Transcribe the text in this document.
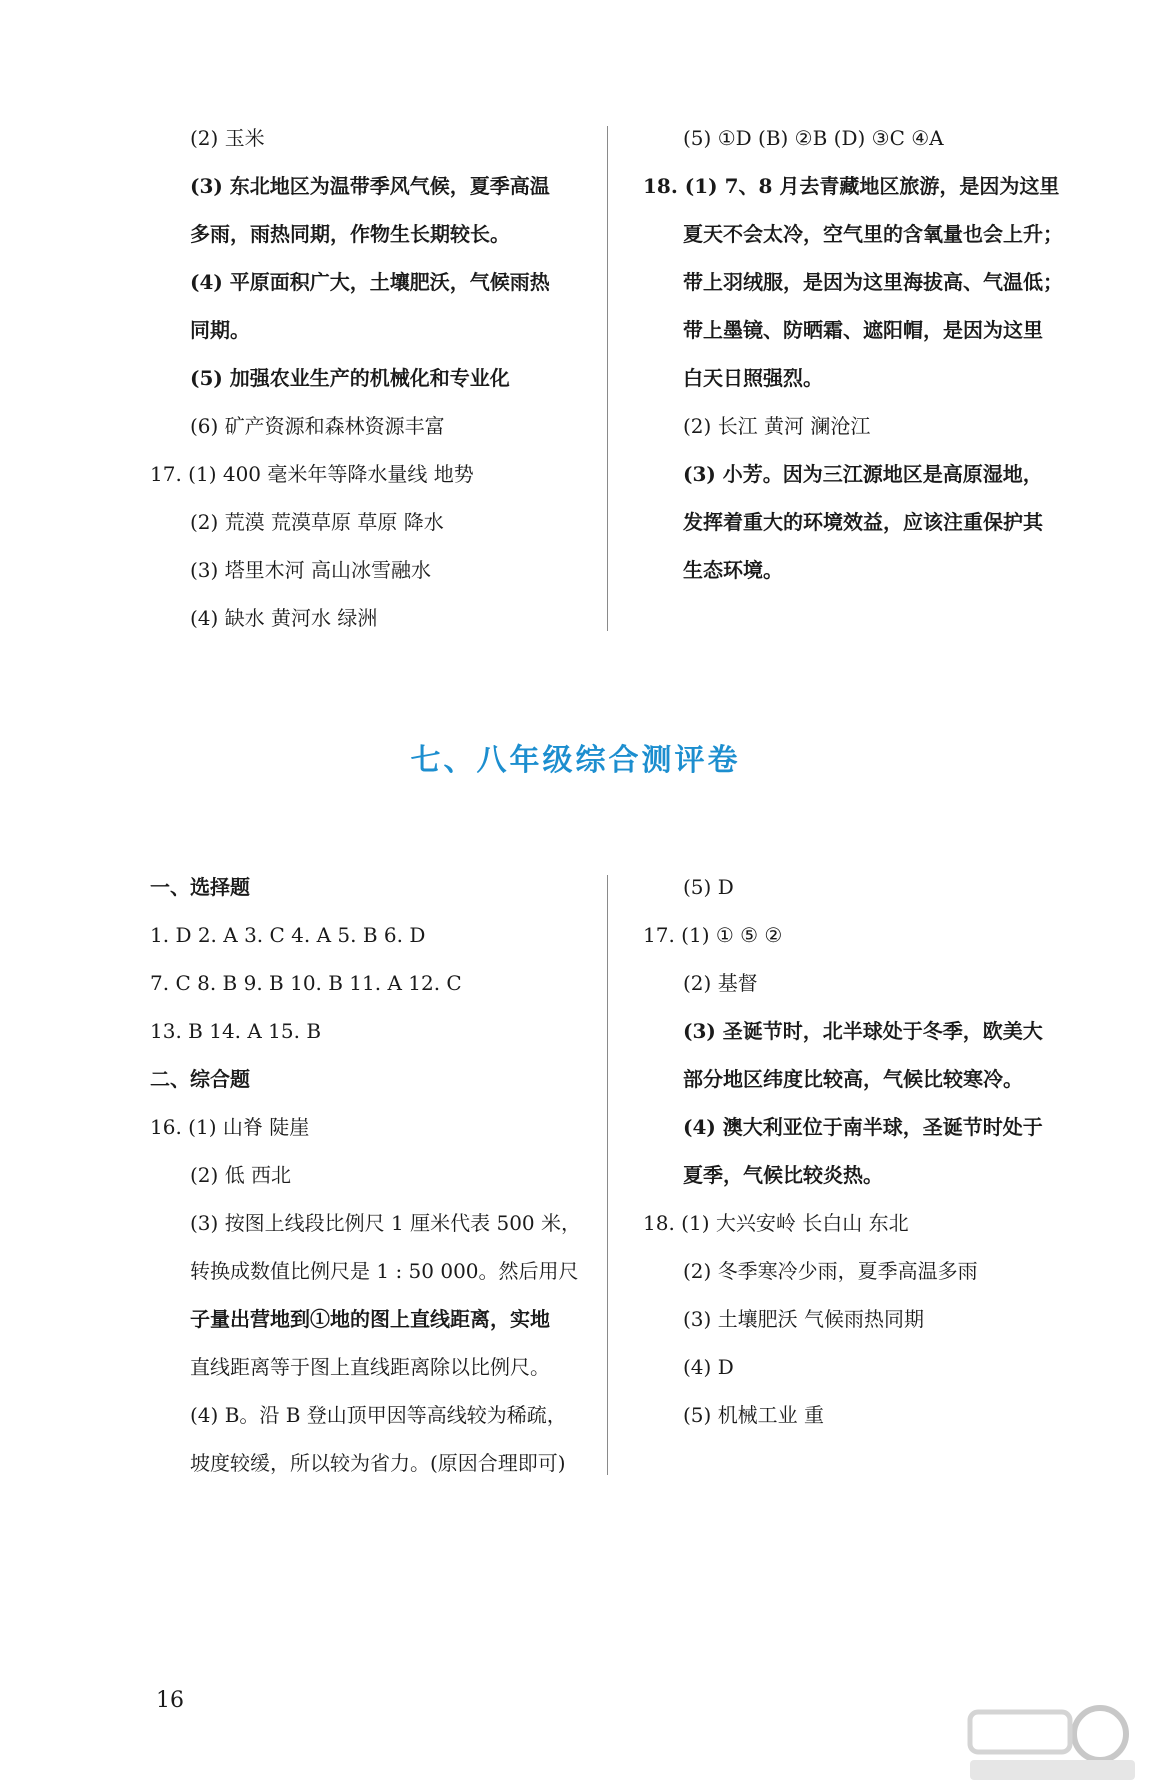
(2) 玉米
(3) 东北地区为温带季风气候，夏季高温
多雨，雨热同期，作物生长期较长。
(4) 平原面积广大，土壤肥沃，气候雨热
同期。
(5) 加强农业生产的机械化和专业化
(6) 矿产资源和森林资源丰富
17. (1) 400 毫米年等降水量线 地势
(2) 荒漠 荒漠草原 草原 降水
(3) 塔里木河 高山冰雪融水
(4) 缺水 黄河水 绿洲
(5) ①D (B) ②B (D) ③C ④A
18. (1) 7、8 月去青藏地区旅游，是因为这里
夏天不会太冷，空气里的含氧量也会上升；
带上羽绒服，是因为这里海拔高、气温低；
带上墨镜、防晒霜、遮阳帽，是因为这里
白天日照强烈。
(2) 长江 黄河 澜沧江
(3) 小芳。因为三江源地区是高原湿地，
发挥着重大的环境效益，应该注重保护其
生态环境。
七、八年级综合测评卷
一、选择题
1. D 2. A 3. C 4. A 5. B 6. D
7. C 8. B 9. B 10. B 11. A 12. C
13. B 14. A 15. B
二、综合题
16. (1) 山脊 陡崖
(2) 低 西北
(3) 按图上线段比例尺 1 厘米代表 500 米，
转换成数值比例尺是 1 : 50 000。然后用尺
子量出营地到①地的图上直线距离，实地
直线距离等于图上直线距离除以比例尺。
(4) B。沿 B 登山顶甲因等高线较为稀疏，
坡度较缓，所以较为省力。(原因合理即可)
(5) D
17. (1) ① ⑤ ②
(2) 基督
(3) 圣诞节时，北半球处于冬季，欧美大
部分地区纬度比较高，气候比较寒冷。
(4) 澳大利亚位于南半球，圣诞节时处于
夏季，气候比较炎热。
18. (1) 大兴安岭 长白山 东北
(2) 冬季寒冷少雨，夏季高温多雨
(3) 土壤肥沃 气候雨热同期
(4) D
(5) 机械工业 重
16
